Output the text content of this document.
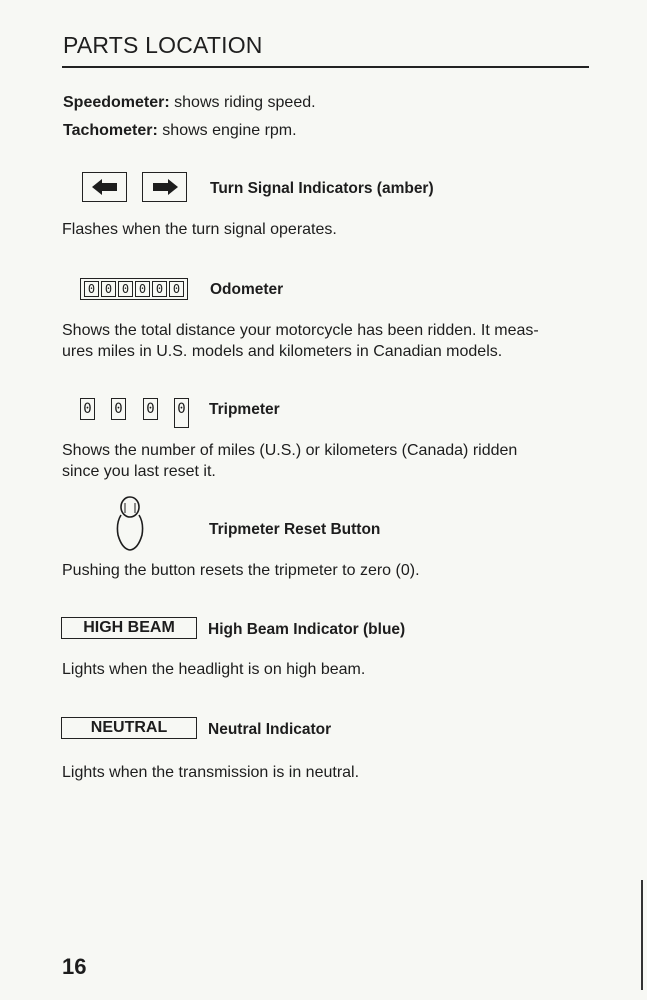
PARTS LOCATION
Speedometer: shows riding speed.
Tachometer: shows engine rpm.
Turn Signal Indicators (amber)
Flashes when the turn signal operates.
0 0 0 0 0 0 Odometer
Shows the total distance your motorcycle has been ridden. It meas-
ures miles in U.S. models and kilometers in Canadian models.
0 0 0 0 Tripmeter
Shows the number of miles (U.S.) or kilometers (Canada) ridden
since you last reset it.
Tripmeter Reset Button
Pushing the button resets the tripmeter to zero (0).
HIGH BEAM	High Beam Indicator (blue)
Lights when the headlight is on high beam.
NEUTRAL	Neutral Indicator
Lights when the transmission is in neutral.
16
